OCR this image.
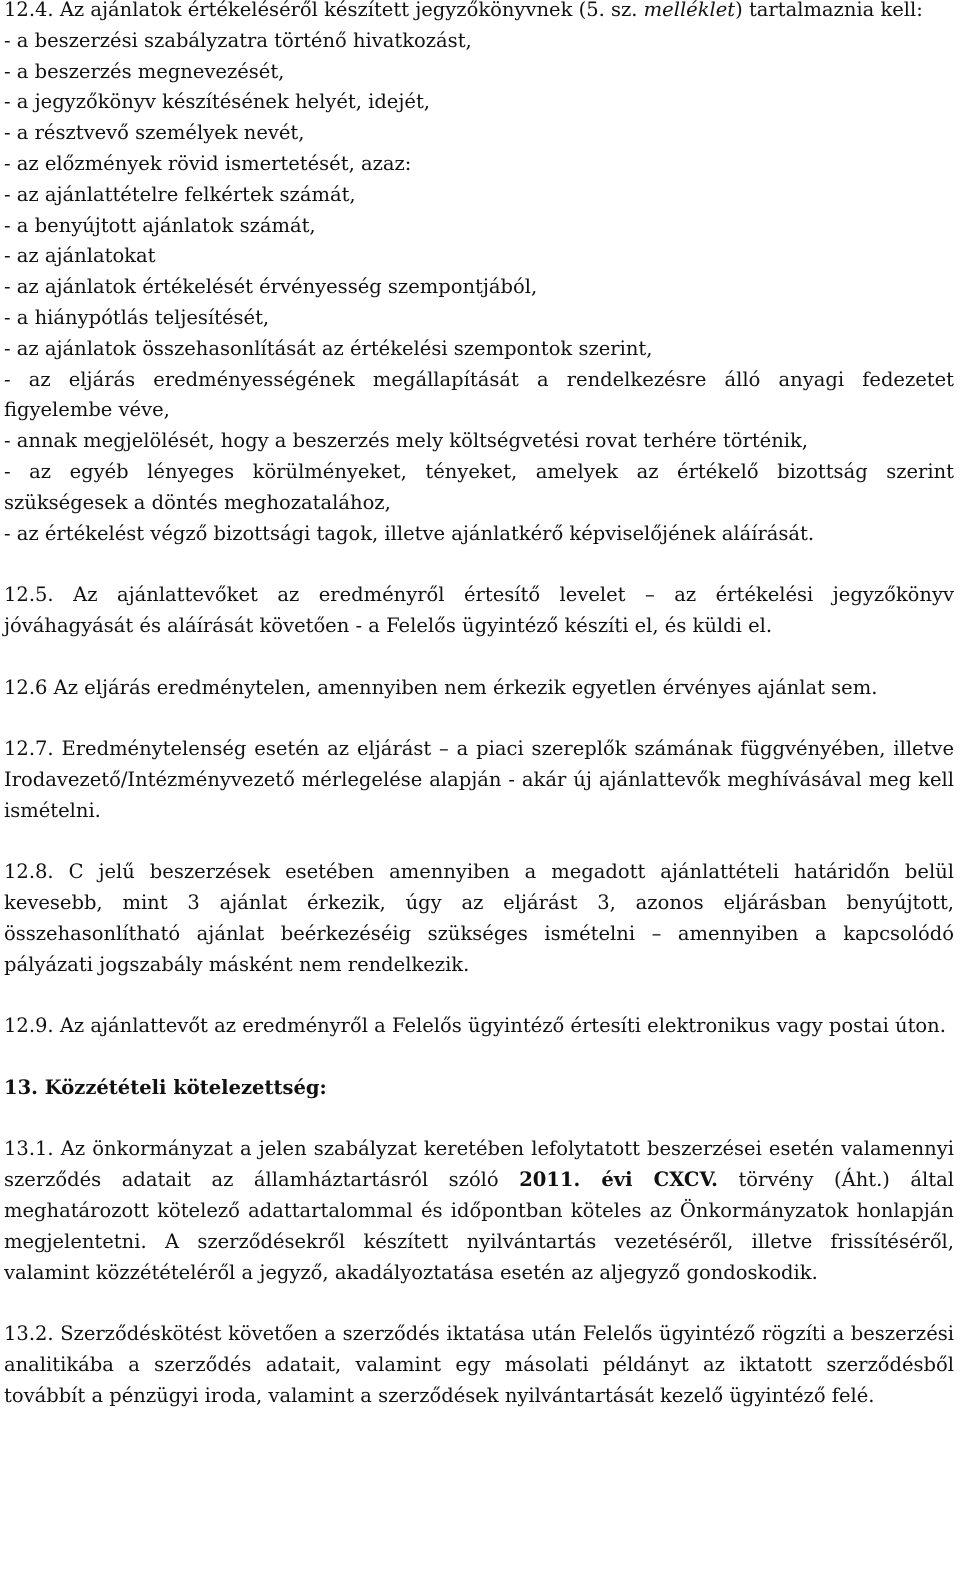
12.4. Az ajánlatok értékeléséről készített jegyzőkönyvnek (5. sz. melléklet) tartalmaznia kell:

- a beszerzési szabályzatra történő hivatkozást,
- a beszerzés megnevezését,
- a jegyzőkönyv készítésének helyét, idejét,
- a résztvevő személyek nevét,
- az előzmények rövid ismertetését, azaz:
- az ajánlattételre felkértek számát,
- a benyújtott ajánlatok számát,
- az ajánlatokat
- az ajánlatok értékelését érvényesség szempontjából,
- a hiánypótlás teljesítését,
- az ajánlatok összehasonlítását az értékelési szempontok szerint,
- az eljárás eredményességének megállapítását a rendelkezésre álló anyagi fedezetet figyelembe véve,
- annak megjelölését, hogy a beszerzés mely költségvetési rovat terhére történik,
- az egyéb lényeges körülményeket, tényeket, amelyek az értékelő bizottság szerint szükségesek a döntés meghozatalához,
- az értékelést végző bizottsági tagok, illetve ajánlatkérő képviselőjének aláírását.

12.5. Az ajánlattevőket az eredményről értesítő levelet – az értékelési jegyzőkönyv jóváhagyását és aláírását követően - a Felelős ügyintéző készíti el, és küldi el.

12.6 Az eljárás eredménytelen, amennyiben nem érkezik egyetlen érvényes ajánlat sem.

12.7. Eredménytelenség esetén az eljárást – a piaci szereplők számának függvényében, illetve Irodavezető/Intézményvezető mérlegelése alapján - akár új ajánlattevők meghívásával meg kell ismételni.

12.8. C jelű beszerzések esetében amennyiben a megadott ajánlattételi határidőn belül kevesebb, mint 3 ajánlat érkezik, úgy az eljárást 3, azonos eljárásban benyújtott, összehasonlítható ajánlat beérkezéséig szükséges ismételni – amennyiben a kapcsolódó pályázati jogszabály másként nem rendelkezik.

12.9. Az ajánlattevőt az eredményről a Felelős ügyintéző értesíti elektronikus vagy postai úton.

13. Közzétételi kötelezettség:

13.1. Az önkormányzat a jelen szabályzat keretében lefolytatott beszerzései esetén valamennyi szerződés adatait az államháztartásról szóló 2011. évi CXCV. törvény (Áht.) által meghatározott kötelező adattartalommal és időpontban köteles az Önkormányzatok honlapján megjelentetni. A szerződésekről készített nyilvántartás vezetéséről, illetve frissítéséről, valamint közzétételéről a jegyző, akadályoztatása esetén az aljegyző gondoskodik.

13.2. Szerződéskötést követően a szerződés iktatása után Felelős ügyintéző rögzíti a beszerzési analitikába a szerződés adatait, valamint egy másolati példányt az iktatott szerződésből továbbít a pénzügyi iroda, valamint a szerződések nyilvántartását kezelő ügyintéző felé.
